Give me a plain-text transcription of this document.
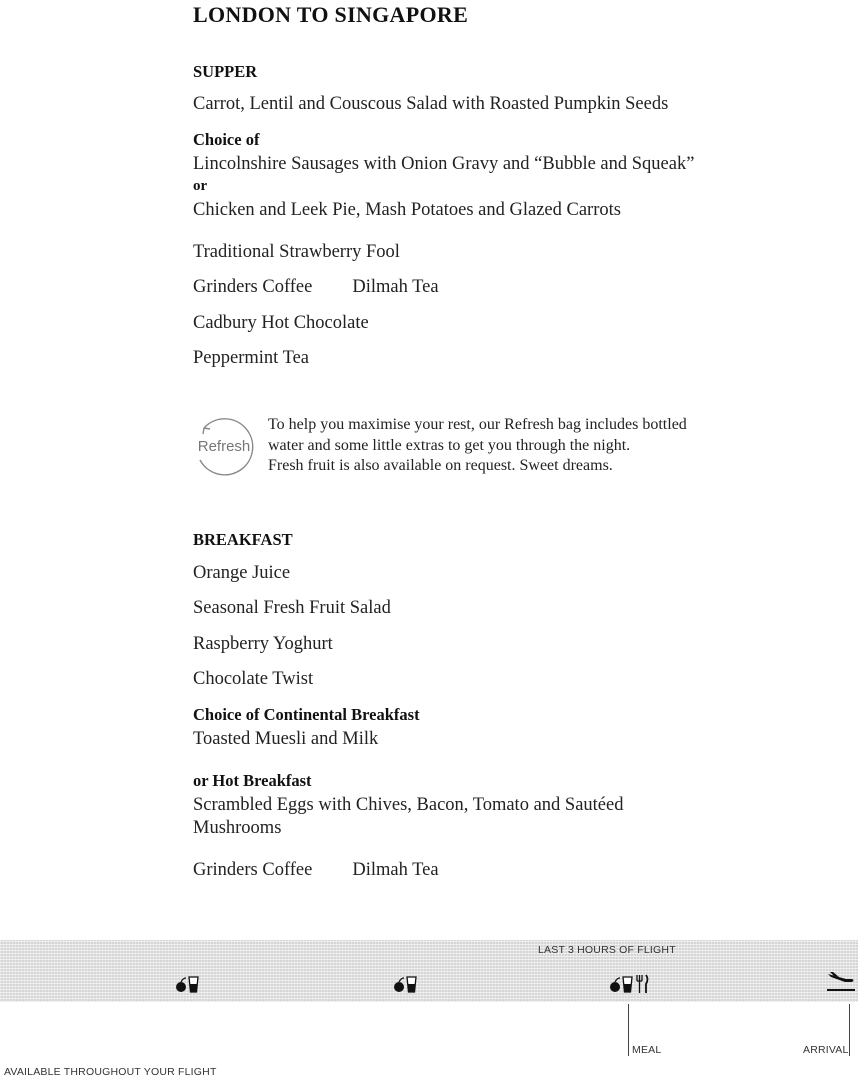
LONDON TO SINGAPORE
SUPPER
Carrot, Lentil and Couscous Salad with Roasted Pumpkin Seeds
Choice of
Lincolnshire Sausages with Onion Gravy and “Bubble and Squeak”
or
Chicken and Leek Pie, Mash Potatoes and Glazed Carrots
Traditional Strawberry Fool
Grinders Coffee Dilmah Tea
Cadbury Hot Chocolate
Peppermint Tea
Refresh
To help you maximise your rest, our Refresh bag includes bottled
water and some little extras to get you through the night.
Fresh fruit is also available on request. Sweet dreams.
BREAKFAST
Orange Juice
Seasonal Fresh Fruit Salad
Raspberry Yoghurt
Chocolate Twist
Choice of Continental Breakfast
Toasted Muesli and Milk
or Hot Breakfast
Scrambled Eggs with Chives, Bacon, Tomato and Sautéed
Mushrooms
Grinders Coffee Dilmah Tea
LAST 3 HOURS OF FLIGHT
MEAL	ARRIVAL
AVAILABLE THROUGHOUT YOUR FLIGHT
